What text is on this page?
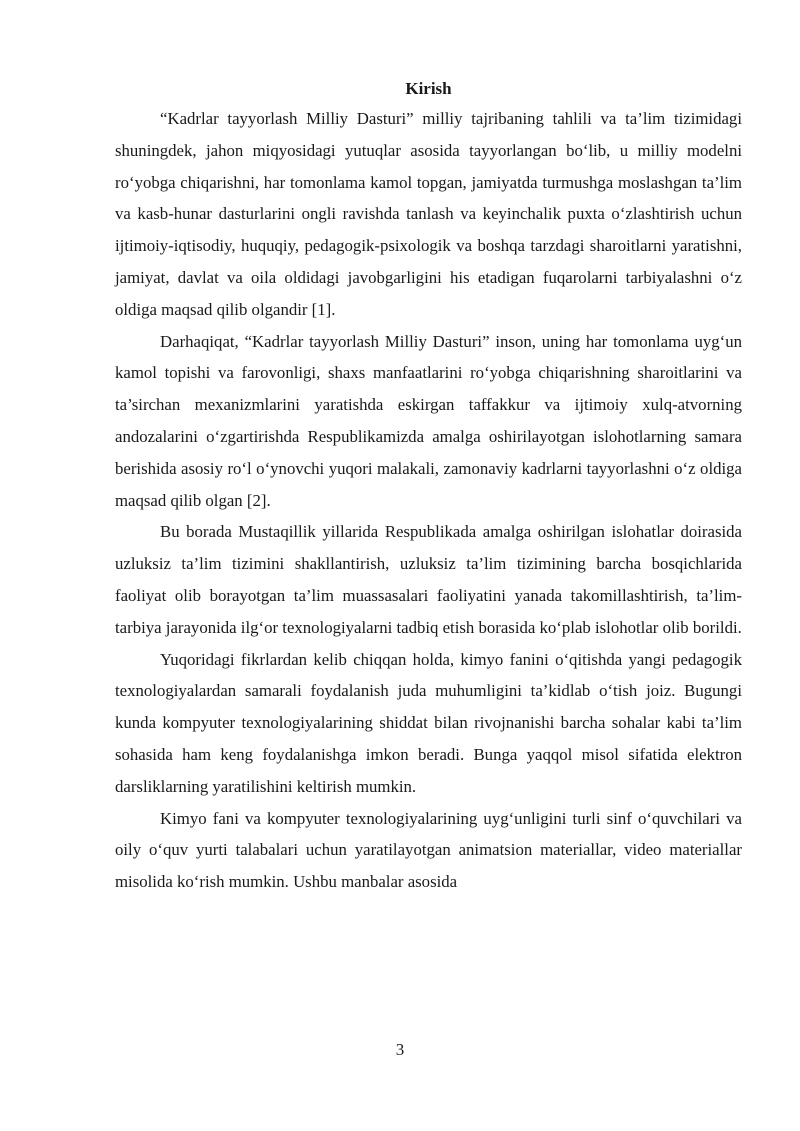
Kirish

“Kadrlar tayyorlash Milliy Dasturi” milliy tajribaning tahlili va ta’lim tizimidagi shuningdek, jahon miqyosidagi yutuqlar asosida tayyorlangan bo‘lib, u milliy modelni ro‘yobga chiqarishni, har tomonlama kamol topgan, jamiyatda turmushga moslashgan ta’lim va kasb-hunar dasturlarini ongli ravishda tanlash va keyinchalik puxta o‘zlashtirish uchun ijtimoiy-iqtisodiy, huquqiy, pedagogik-psixologik va boshqa tarzdagi sharoitlarni yaratishni, jamiyat, davlat va oila oldidagi javobgarligini his etadigan fuqarolarni tarbiyalashni o‘z oldiga maqsad qilib olgandir [1].

Darhaqiqat, “Kadrlar tayyorlash Milliy Dasturi” inson, uning har tomonlama uyg‘un kamol topishi va farovonligi, shaxs manfaatlarini ro‘yobga chiqarishning sharoitlarini va ta’sirchan mexanizmlarini yaratishda eskirgan taffakkur va ijtimoiy xulq-atvorning andozalarini o‘zgartirishda Respublikamizda amalga oshirilayotgan islohotlarning samara berishida asosiy ro‘l o‘ynovchi yuqori malakali, zamonaviy kadrlarni tayyorlashni o‘z oldiga maqsad qilib olgan [2].

Bu borada Mustaqillik yillarida Respublikada amalga oshirilgan islohatlar doirasida uzluksiz ta’lim tizimini shakllantirish, uzluksiz ta’lim tizimining barcha bosqichlarida faoliyat olib borayotgan ta’lim muassasalari faoliyatini yanada takomillashtirish, ta’lim-tarbiya jarayonida ilg‘or texnologiyalarni tadbiq etish borasida ko‘plab islohotlar olib borildi.

Yuqoridagi fikrlardan kelib chiqqan holda, kimyo fanini o‘qitishda yangi pedagogik texnologiyalardan samarali foydalanish juda muhumligini ta’kidlab o‘tish joiz. Bugungi kunda kompyuter texnologiyalarining shiddat bilan rivojnanishi barcha sohalar kabi ta’lim sohasida ham keng foydalanishga imkon beradi. Bunga yaqqol misol sifatida elektron darsliklarning yaratilishini keltirish mumkin.

Kimyo fani va kompyuter texnologiyalarining uyg‘unligini turli sinf o‘quvchilari va oily o‘quv yurti talabalari uchun yaratilayotgan animatsion materiallar, video materiallar misolida ko‘rish mumkin. Ushbu manbalar asosida

3
